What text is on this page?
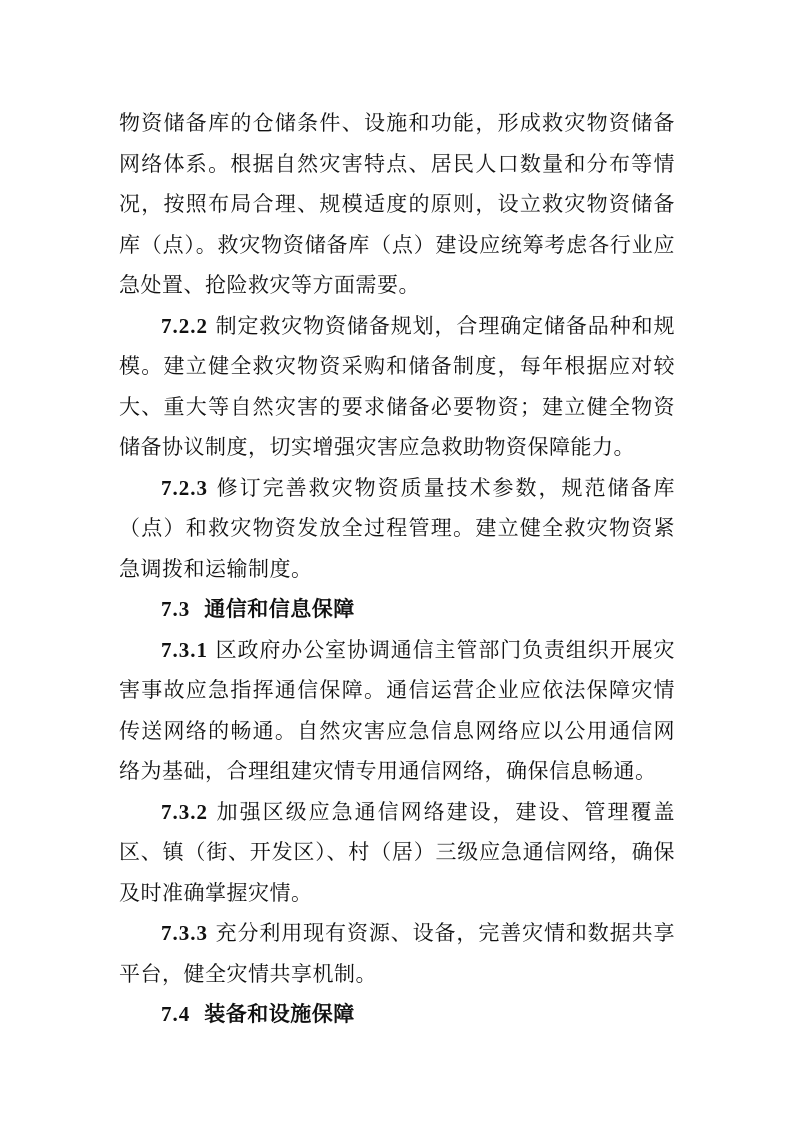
物资储备库的仓储条件、设施和功能，形成救灾物资储备网络体系。根据自然灾害特点、居民人口数量和分布等情况，按照布局合理、规模适度的原则，设立救灾物资储备库（点）。救灾物资储备库（点）建设应统筹考虑各行业应急处置、抢险救灾等方面需要。

7.2.2 制定救灾物资储备规划，合理确定储备品种和规模。建立健全救灾物资采购和储备制度，每年根据应对较大、重大等自然灾害的要求储备必要物资；建立健全物资储备协议制度，切实增强灾害应急救助物资保障能力。

7.2.3 修订完善救灾物资质量技术参数，规范储备库（点）和救灾物资发放全过程管理。建立健全救灾物资紧急调拨和运输制度。

7.3 通信和信息保障

7.3.1 区政府办公室协调通信主管部门负责组织开展灾害事故应急指挥通信保障。通信运营企业应依法保障灾情传送网络的畅通。自然灾害应急信息网络应以公用通信网络为基础，合理组建灾情专用通信网络，确保信息畅通。

7.3.2 加强区级应急通信网络建设，建设、管理覆盖区、镇（街、开发区）、村（居）三级应急通信网络，确保及时准确掌握灾情。

7.3.3 充分利用现有资源、设备，完善灾情和数据共享平台，健全灾情共享机制。

7.4 装备和设施保障
